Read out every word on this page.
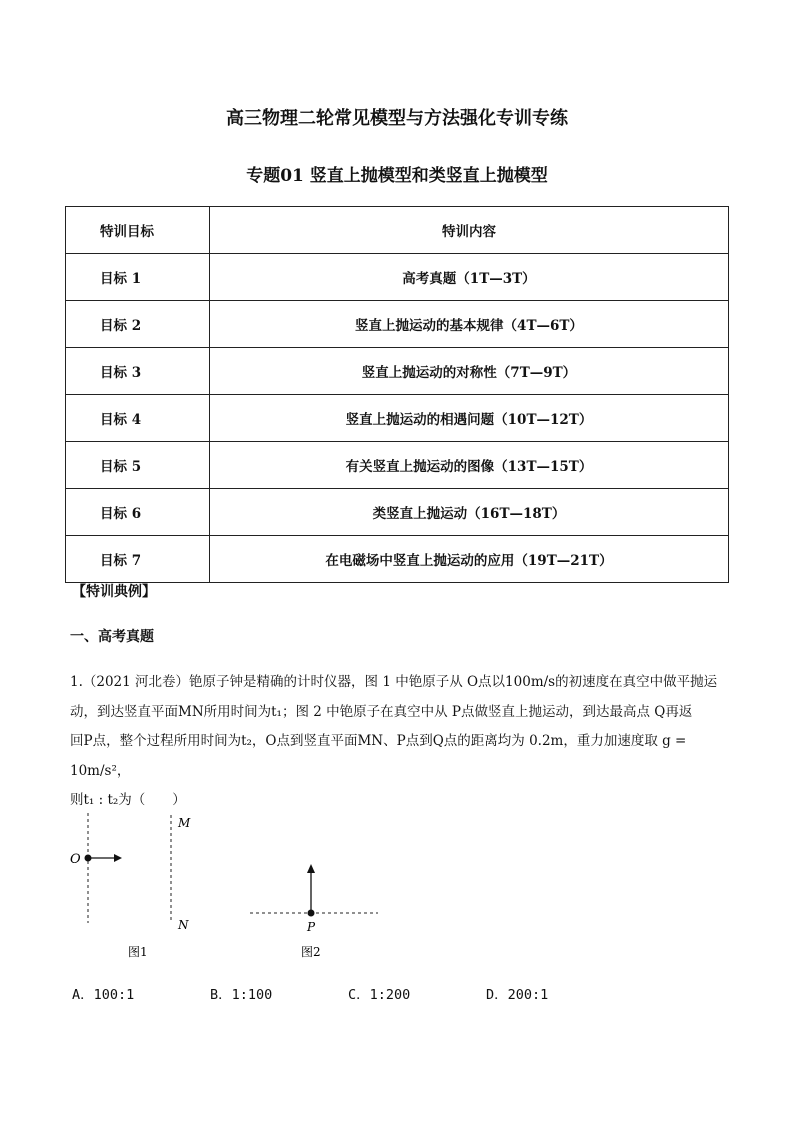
高三物理二轮常见模型与方法强化专训专练
专题01 竖直上抛模型和类竖直上抛模型
特训目标	特训内容
目标 1	高考真题（1T—3T）
目标 2	竖直上抛运动的基本规律（4T—6T）
目标 3	竖直上抛运动的对称性（7T—9T）
目标 4	竖直上抛运动的相遇问题（10T—12T）
目标 5	有关竖直上抛运动的图像（13T—15T）
目标 6	类竖直上抛运动（16T—18T）
目标 7	在电磁场中竖直上抛运动的应用（19T—21T）
【特训典例】
一、高考真题

1.（2021 河北卷）铯原子钟是精确的计时仪器，图 1 中铯原子从 O点以100m/s的初速度在真空中做平抛运

动，到达竖直平面MN所用时间为t₁；图 2 中铯原子在真空中从 P点做竖直上抛运动，到达最高点 Q再返

回P点，整个过程所用时间为t₂，O点到竖直平面MN、P点到Q点的距离均为 0.2m，重力加速度取 g = 10m/s²，

则t₁ : t₂为（　　）

O
M
N
图1
P
图2
A．100:1	B．1:100	C．1:200	D．200:1
